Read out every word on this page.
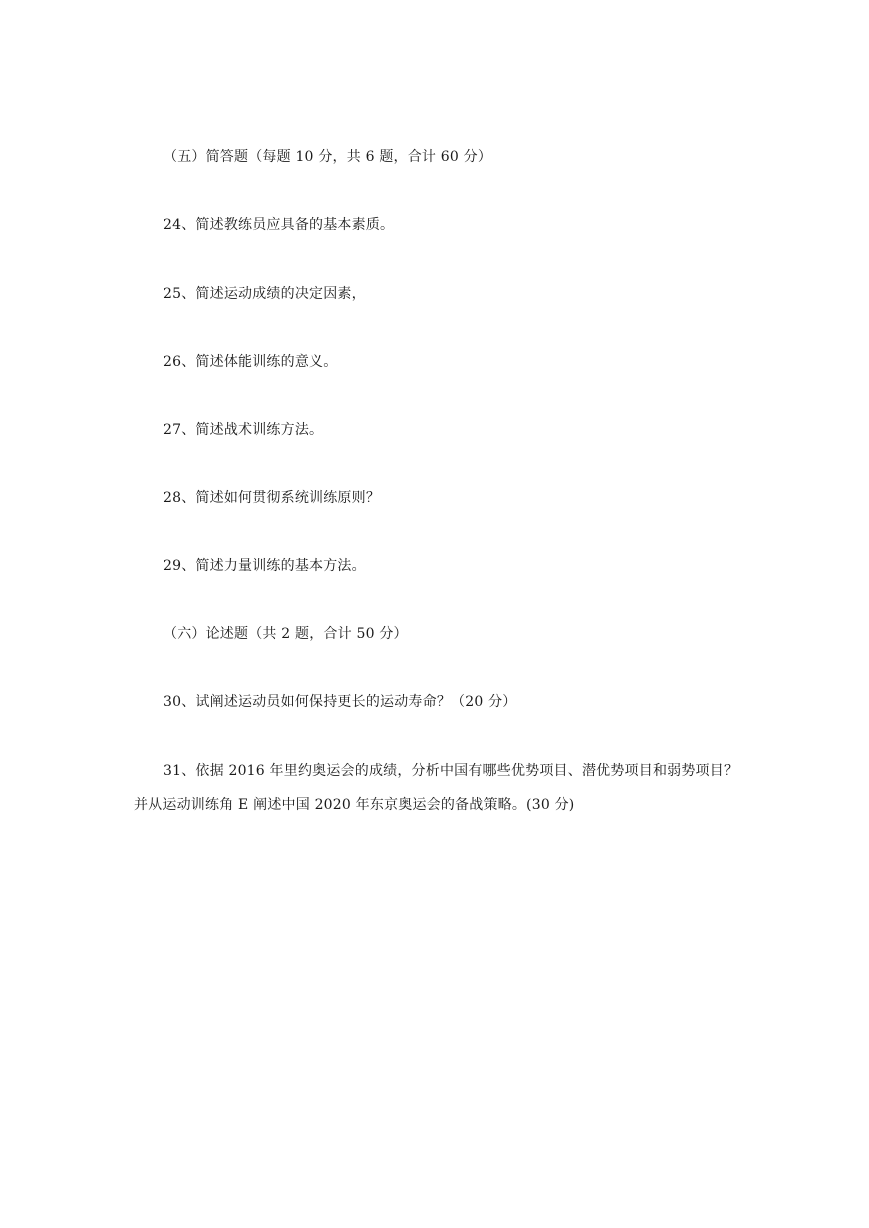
（五）简答题（每题 10 分，共 6 题，合计 60 分）
24、简述教练员应具备的基本素质。
25、简述运动成绩的决定因素，
26、简述体能训练的意义。
27、简述战术训练方法。
28、简述如何贯彻系统训练原则？
29、简述力量训练的基本方法。
（六）论述题（共 2 题，合计 50 分）
30、试阐述运动员如何保持更长的运动寿命？（20 分）
31、依据 2016 年里约奥运会的成绩，分析中国有哪些优势项目、潜优势项目和弱势项目？并从运动训练角 E 阐述中国 2020 年东京奥运会的备战策略。(30 分)
